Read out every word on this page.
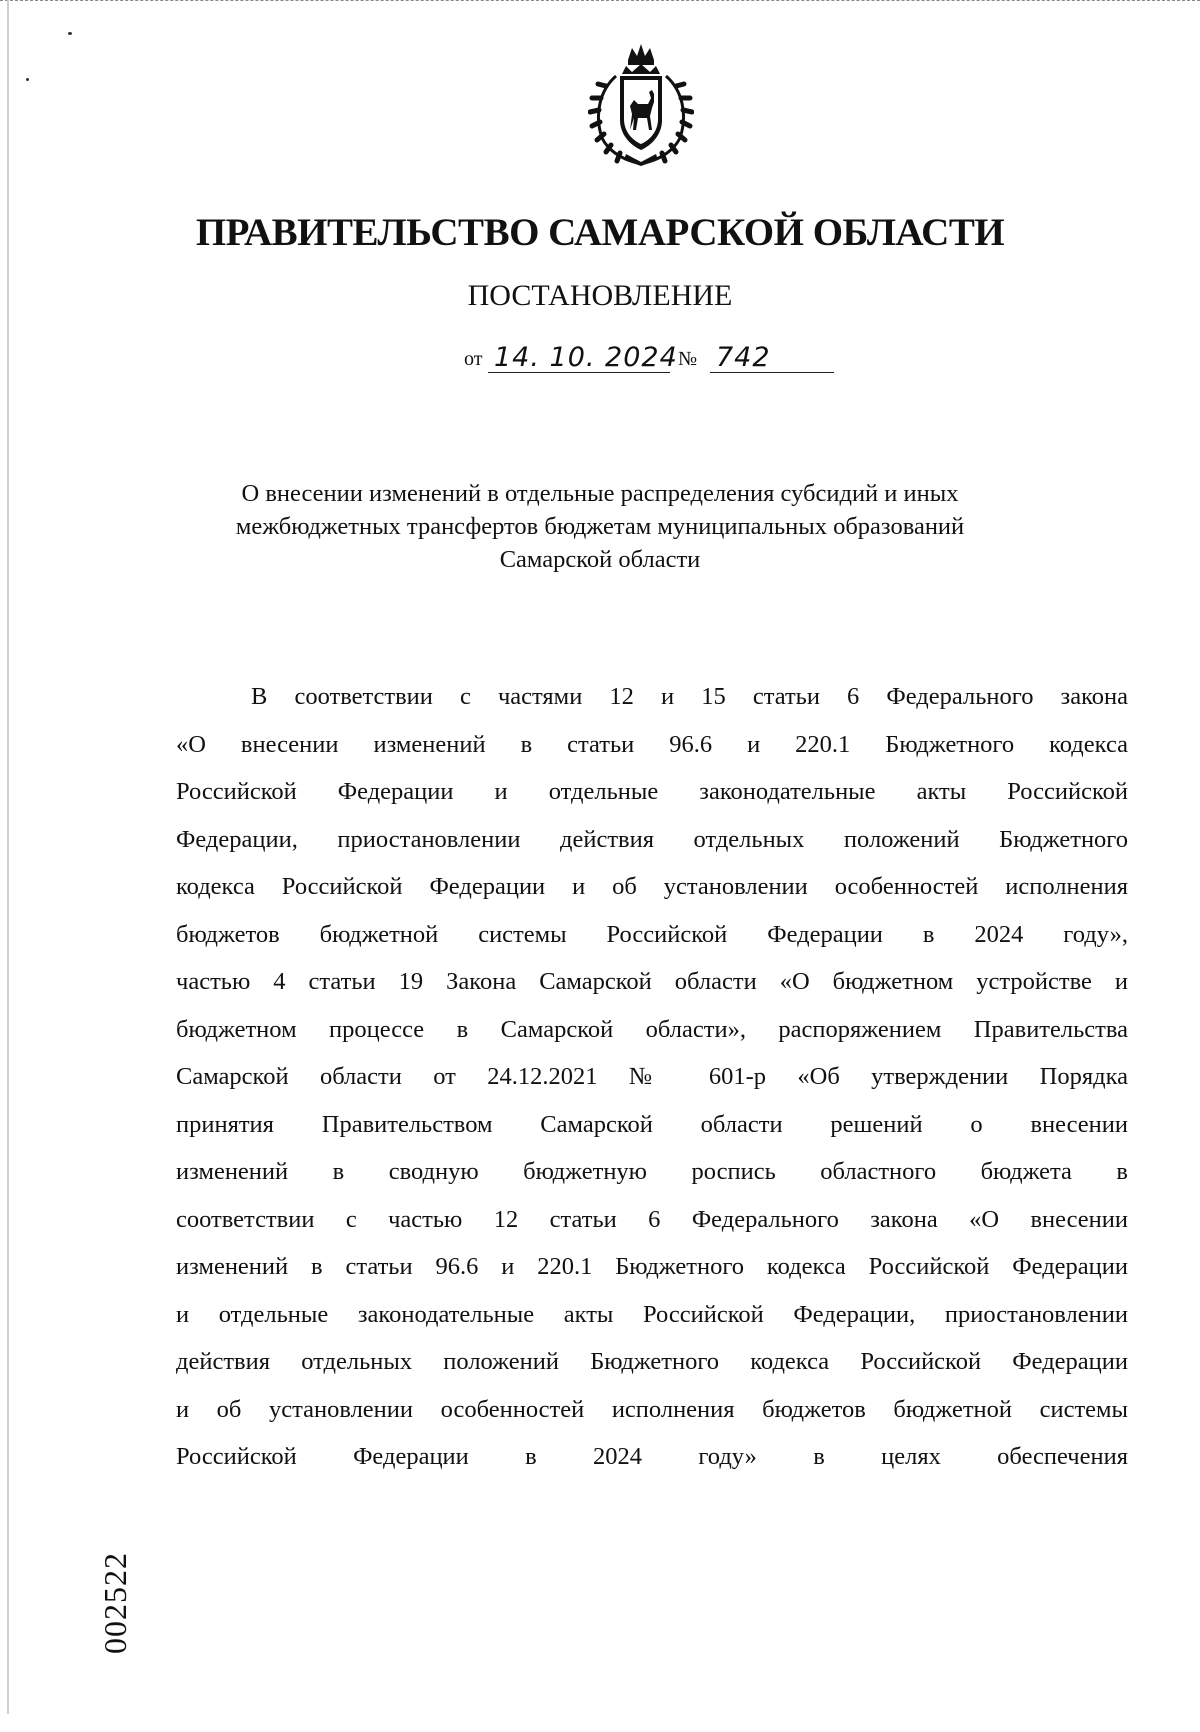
ПРАВИТЕЛЬСТВО САМАРСКОЙ ОБЛАСТИ
ПОСТАНОВЛЕНИЕ
от 14. 10. 2024 № 742
О внесении изменений в отдельные распределения субсидий и иных
межбюджетных трансфертов бюджетам муниципальных образований
Самарской области
В соответствии с частями 12 и 15 статьи 6 Федерального закона
«О внесении изменений в статьи 96.6 и 220.1 Бюджетного кодекса
Российской Федерации и отдельные законодательные акты Российской
Федерации, приостановлении действия отдельных положений Бюджетного
кодекса Российской Федерации и об установлении особенностей исполнения
бюджетов бюджетной системы Российской Федерации в 2024 году»,
частью 4 статьи 19 Закона Самарской области «О бюджетном устройстве и
бюджетном процессе в Самарской области», распоряжением Правительства
Самарской области от 24.12.2021 № 601-р «Об утверждении Порядка
принятия Правительством Самарской области решений о внесении
изменений в сводную бюджетную роспись областного бюджета в
соответствии с частью 12 статьи 6 Федерального закона «О внесении
изменений в статьи 96.6 и 220.1 Бюджетного кодекса Российской Федерации
и отдельные законодательные акты Российской Федерации, приостановлении
действия отдельных положений Бюджетного кодекса Российской Федерации
и об установлении особенностей исполнения бюджетов бюджетной системы
Российской Федерации в 2024 году» в целях обеспечения
002522
